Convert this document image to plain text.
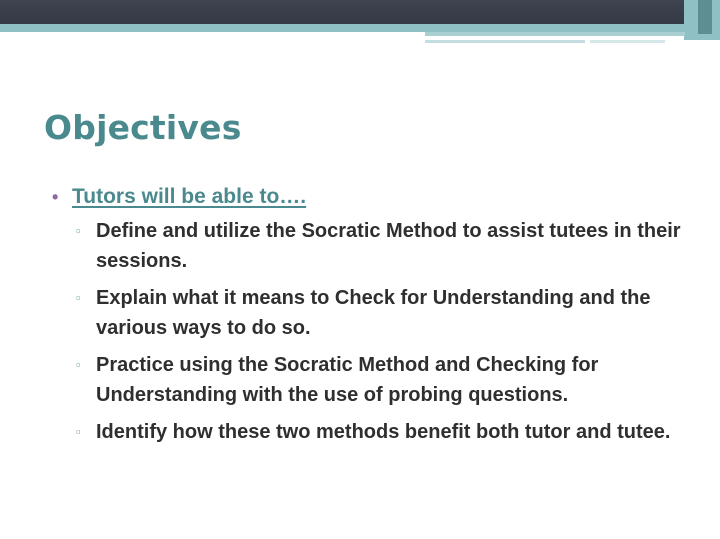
Objectives
• Tutors will be able to….
▫ Define and utilize the Socratic Method to assist tutees in their sessions.
▫ Explain what it means to Check for Understanding and the various ways to do so.
▫ Practice using the Socratic Method and Checking for Understanding with the use of probing questions.
▫ Identify how these two methods benefit both tutor and tutee.
